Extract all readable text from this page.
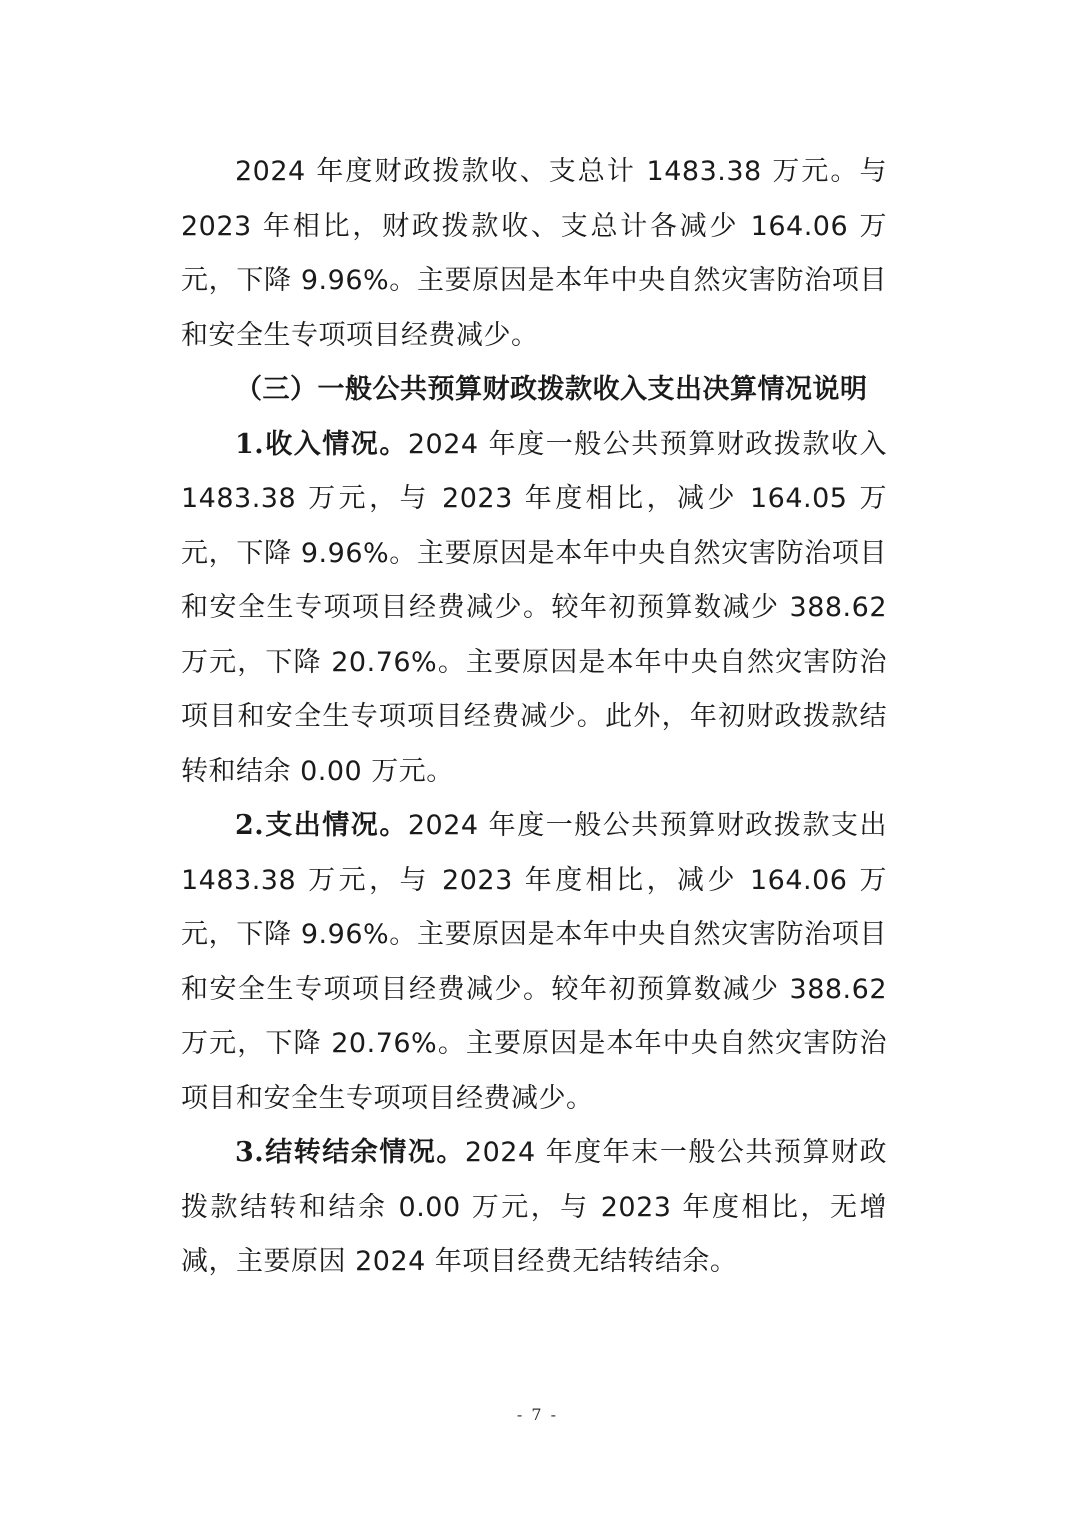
2024 年度财政拨款收、支总计 1483.38 万元。与 2023 年相比，财政拨款收、支总计各减少 164.06 万元，下降 9.96%。主要原因是本年中央自然灾害防治项目和安全生专项项目经费减少。

（三）一般公共预算财政拨款收入支出决算情况说明

1.收入情况。2024 年度一般公共预算财政拨款收入 1483.38 万元，与 2023 年度相比，减少 164.05 万元，下降 9.96%。主要原因是本年中央自然灾害防治项目和安全生专项项目经费减少。较年初预算数减少 388.62 万元，下降 20.76%。主要原因是本年中央自然灾害防治项目和安全生专项项目经费减少。此外，年初财政拨款结转和结余 0.00 万元。

2.支出情况。2024 年度一般公共预算财政拨款支出 1483.38 万元，与 2023 年度相比，减少 164.06 万元，下降 9.96%。主要原因是本年中央自然灾害防治项目和安全生专项项目经费减少。较年初预算数减少 388.62 万元，下降 20.76%。主要原因是本年中央自然灾害防治项目和安全生专项项目经费减少。

3.结转结余情况。2024 年度年末一般公共预算财政拨款结转和结余 0.00 万元，与 2023 年度相比，无增减，主要原因 2024 年项目经费无结转结余。

- 7 -
